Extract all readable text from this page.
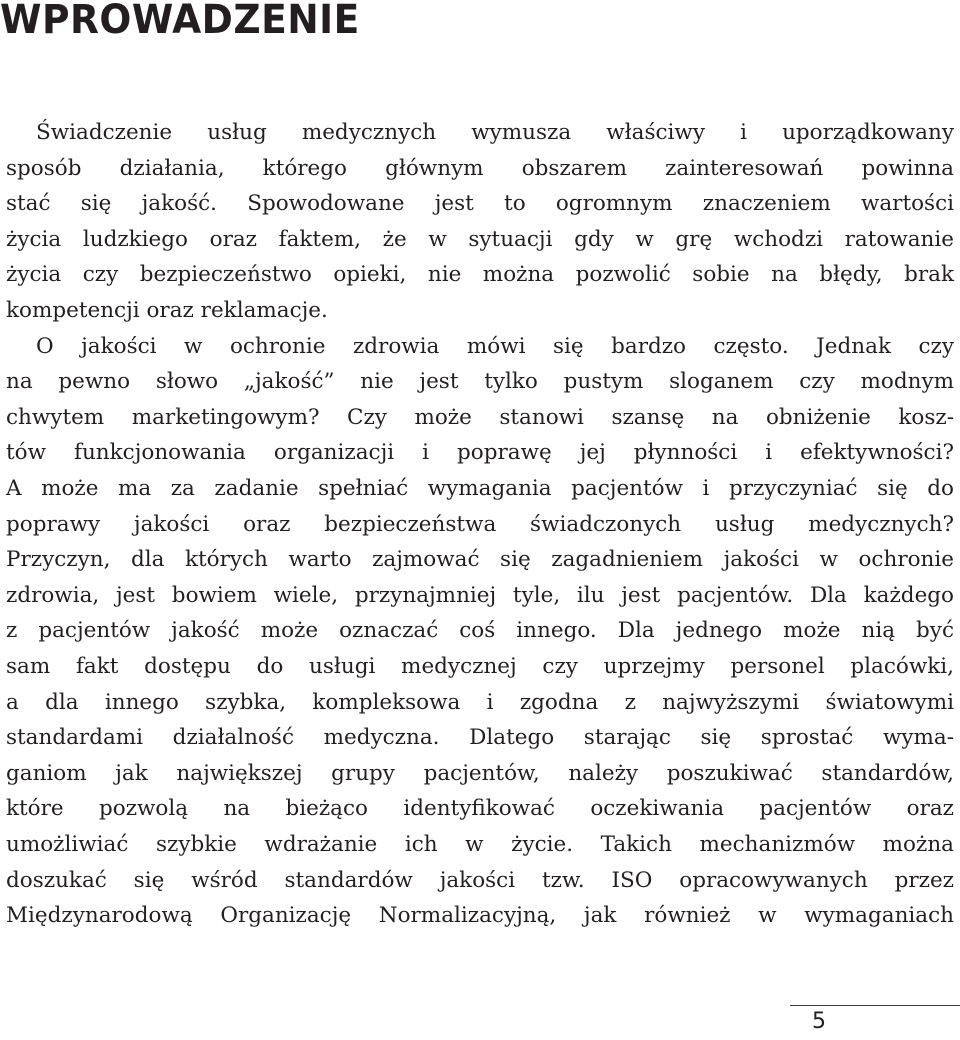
WPROWADZENIE

Świadczenie usług medycznych wymusza właściwy i uporządkowany

sposób działania, którego głównym obszarem zainteresowań powinna

stać się jakość. Spowodowane jest to ogromnym znaczeniem wartości

życia ludzkiego oraz faktem, że w sytuacji gdy w grę wchodzi ratowanie

życia czy bezpieczeństwo opieki, nie można pozwolić sobie na błędy, brak

kompetencji oraz reklamacje.

O jakości w ochronie zdrowia mówi się bardzo często. Jednak czy

na pewno słowo „jakość” nie jest tylko pustym sloganem czy modnym

chwytem marketingowym? Czy może stanowi szansę na obniżenie kosz-

tów funkcjonowania organizacji i poprawę jej płynności i efektywności?

A może ma za zadanie spełniać wymagania pacjentów i przyczyniać się do

poprawy jakości oraz bezpieczeństwa świadczonych usług medycznych?

Przyczyn, dla których warto zajmować się zagadnieniem jakości w ochronie

zdrowia, jest bowiem wiele, przynajmniej tyle, ilu jest pacjentów. Dla każdego

z pacjentów jakość może oznaczać coś innego. Dla jednego może nią być

sam fakt dostępu do usługi medycznej czy uprzejmy personel placówki,

a dla innego szybka, kompleksowa i zgodna z najwyższymi światowymi

standardami działalność medyczna. Dlatego starając się sprostać wyma-

ganiom jak największej grupy pacjentów, należy poszukiwać standardów,

które pozwolą na bieżąco identyfikować oczekiwania pacjentów oraz

umożliwiać szybkie wdrażanie ich w życie. Takich mechanizmów można

doszukać się wśród standardów jakości tzw. ISO opracowywanych przez

Międzynarodową Organizację Normalizacyjną, jak również w wymaganiach

5
